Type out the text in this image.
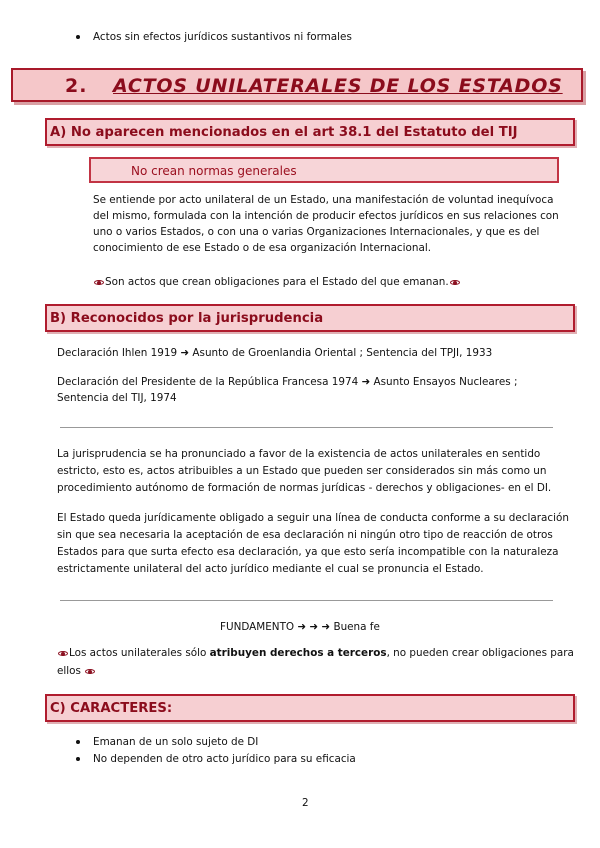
Actos sin efectos jurídicos sustantivos ni formales
2. ACTOS UNILATERALES DE LOS ESTADOS
A) No aparecen mencionados en el art 38.1 del Estatuto del TIJ
No crean normas generales
Se entiende por acto unilateral de un Estado, una manifestación de voluntad inequívoca
del mismo, formulada con la intención de producir efectos jurídicos en sus relaciones con
uno o varios Estados, o con una o varias Organizaciones Internacionales, y que es del
conocimiento de ese Estado o de esa organización Internacional.
Son actos que crean obligaciones para el Estado del que emanan.
B) Reconocidos por la jurisprudencia
Declaración Ihlen 1919 ➜ Asunto de Groenlandia Oriental ; Sentencia del TPJI, 1933
Declaración del Presidente de la República Francesa 1974 ➜ Asunto Ensayos Nucleares ;
Sentencia del TIJ, 1974
La jurisprudencia se ha pronunciado a favor de la existencia de actos unilaterales en sentido
estricto, esto es, actos atribuibles a un Estado que pueden ser considerados sin más como un
procedimiento autónomo de formación de normas jurídicas - derechos y obligaciones- en el DI.
El Estado queda jurídicamente obligado a seguir una línea de conducta conforme a su declaración
sin que sea necesaria la aceptación de esa declaración ni ningún otro tipo de reacción de otros
Estados para que surta efecto esa declaración, ya que esto sería incompatible con la naturaleza
estrictamente unilateral del acto jurídico mediante el cual se pronuncia el Estado.
FUNDAMENTO ➜ ➜ ➜ Buena fe
Los actos unilaterales sólo atribuyen derechos a terceros, no pueden crear obligaciones para
ellos
C) CARACTERES:
Emanan de un solo sujeto de DI
No dependen de otro acto jurídico para su eficacia
2
